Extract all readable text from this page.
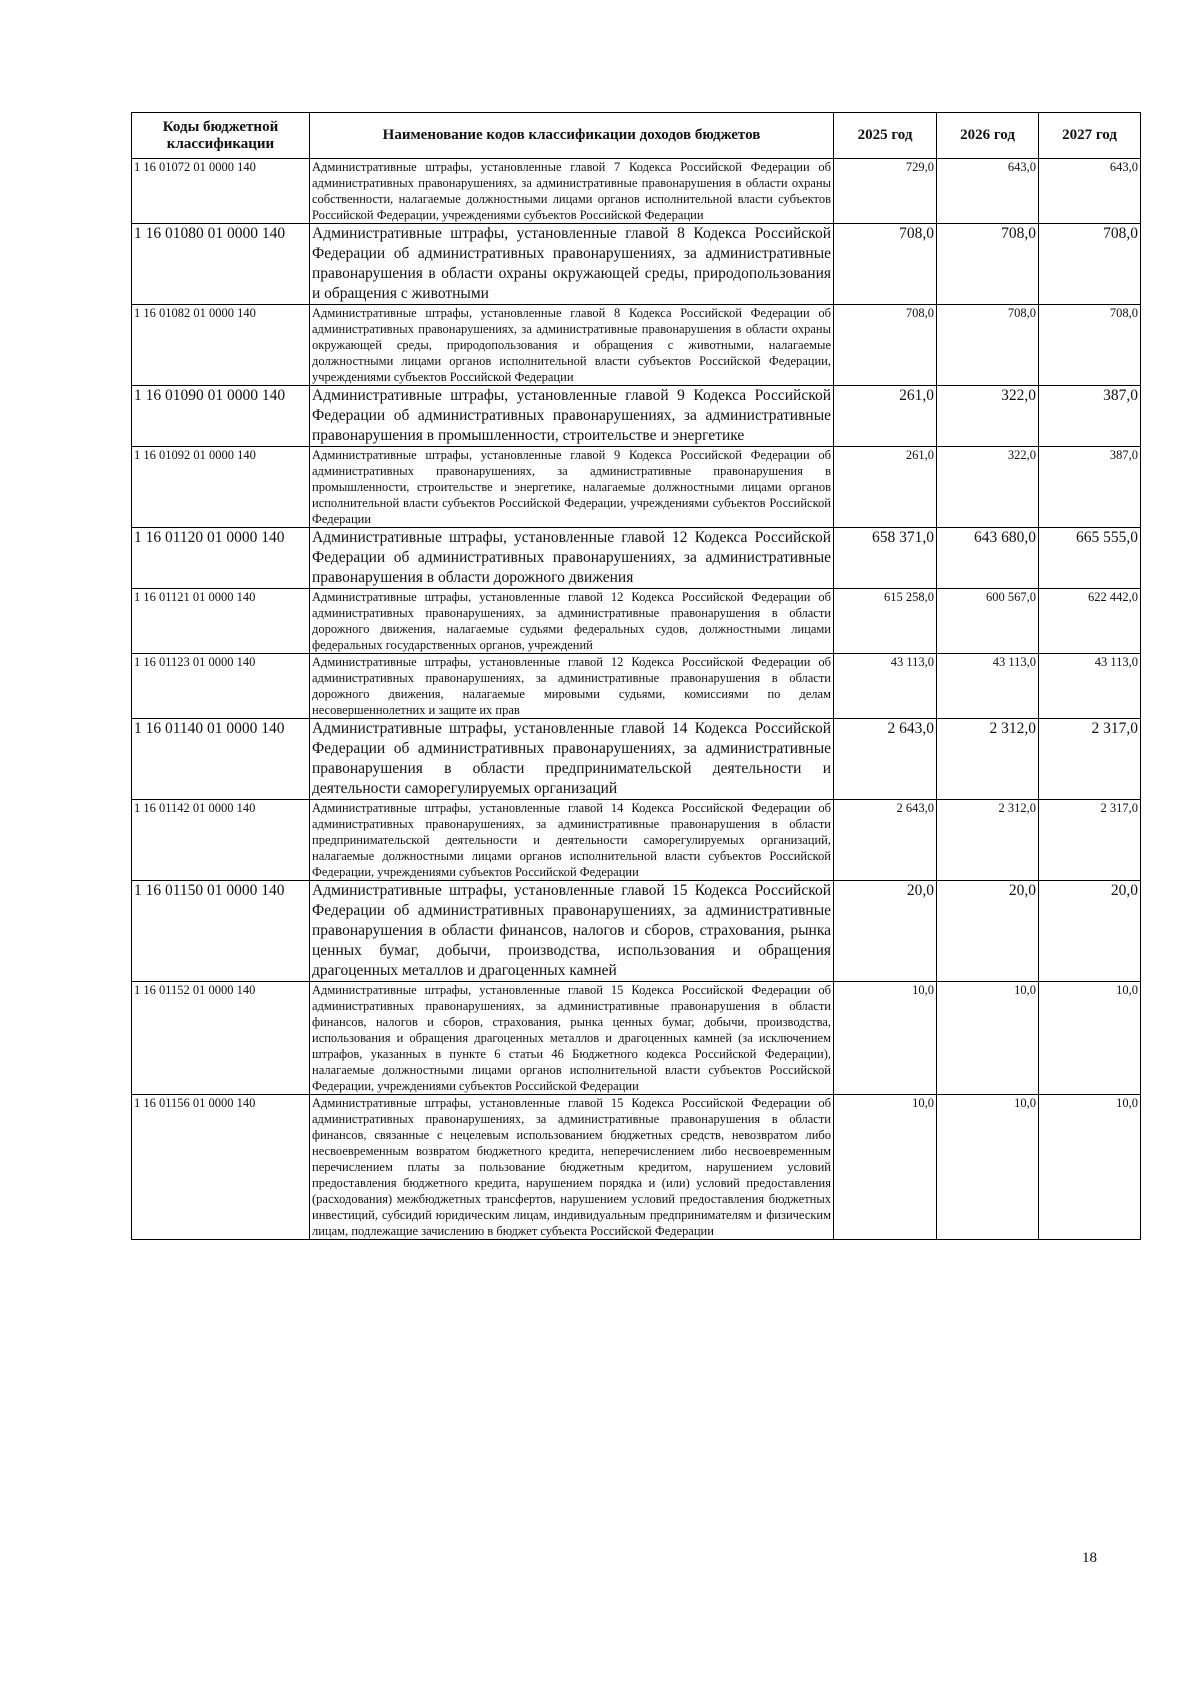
Коды бюджетной классификации	Наименование кодов классификации доходов бюджетов	2025 год	2026 год	2027 год
1 16 01072 01 0000 140	Административные штрафы, установленные главой 7 Кодекса Российской Федерации об административных правонарушениях, за административные правонарушения в области охраны собственности, налагаемые должностными лицами органов исполнительной власти субъектов Российской Федерации, учреждениями субъектов Российской Федерации	729,0	643,0	643,0
1 16 01080 01 0000 140	Административные штрафы, установленные главой 8 Кодекса Российской Федерации об административных правонарушениях, за административные правонарушения в области охраны окружающей среды, природопользования и обращения с животными	708,0	708,0	708,0
1 16 01082 01 0000 140	Административные штрафы, установленные главой 8 Кодекса Российской Федерации об административных правонарушениях, за административные правонарушения в области охраны окружающей среды, природопользования и обращения с животными, налагаемые должностными лицами органов исполнительной власти субъектов Российской Федерации, учреждениями субъектов Российской Федерации	708,0	708,0	708,0
1 16 01090 01 0000 140	Административные штрафы, установленные главой 9 Кодекса Российской Федерации об административных правонарушениях, за административные правонарушения в промышленности, строительстве и энергетике	261,0	322,0	387,0
1 16 01092 01 0000 140	Административные штрафы, установленные главой 9 Кодекса Российской Федерации об административных правонарушениях, за административные правонарушения в промышленности, строительстве и энергетике, налагаемые должностными лицами органов исполнительной власти субъектов Российской Федерации, учреждениями субъектов Российской Федерации	261,0	322,0	387,0
1 16 01120 01 0000 140	Административные штрафы, установленные главой 12 Кодекса Российской Федерации об административных правонарушениях, за административные правонарушения в области дорожного движения	658 371,0	643 680,0	665 555,0
1 16 01121 01 0000 140	Административные штрафы, установленные главой 12 Кодекса Российской Федерации об административных правонарушениях, за административные правонарушения в области дорожного движения, налагаемые судьями федеральных судов, должностными лицами федеральных государственных органов, учреждений	615 258,0	600 567,0	622 442,0
1 16 01123 01 0000 140	Административные штрафы, установленные главой 12 Кодекса Российской Федерации об административных правонарушениях, за административные правонарушения в области дорожного движения, налагаемые мировыми судьями, комиссиями по делам несовершеннолетних и защите их прав	43 113,0	43 113,0	43 113,0
1 16 01140 01 0000 140	Административные штрафы, установленные главой 14 Кодекса Российской Федерации об административных правонарушениях, за административные правонарушения в области предпринимательской деятельности и деятельности саморегулируемых организаций	2 643,0	2 312,0	2 317,0
1 16 01142 01 0000 140	Административные штрафы, установленные главой 14 Кодекса Российской Федерации об административных правонарушениях, за административные правонарушения в области предпринимательской деятельности и деятельности саморегулируемых организаций, налагаемые должностными лицами органов исполнительной власти субъектов Российской Федерации, учреждениями субъектов Российской Федерации	2 643,0	2 312,0	2 317,0
1 16 01150 01 0000 140	Административные штрафы, установленные главой 15 Кодекса Российской Федерации об административных правонарушениях, за административные правонарушения в области финансов, налогов и сборов, страхования, рынка ценных бумаг, добычи, производства, использования и обращения драгоценных металлов и драгоценных камней	20,0	20,0	20,0
1 16 01152 01 0000 140	Административные штрафы, установленные главой 15 Кодекса Российской Федерации об административных правонарушениях, за административные правонарушения в области финансов, налогов и сборов, страхования, рынка ценных бумаг, добычи, производства, использования и обращения драгоценных металлов и драгоценных камней (за исключением штрафов, указанных в пункте 6 статьи 46 Бюджетного кодекса Российской Федерации), налагаемые должностными лицами органов исполнительной власти субъектов Российской Федерации, учреждениями субъектов Российской Федерации	10,0	10,0	10,0
1 16 01156 01 0000 140	Административные штрафы, установленные главой 15 Кодекса Российской Федерации об административных правонарушениях, за административные правонарушения в области финансов, связанные с нецелевым использованием бюджетных средств, невозвратом либо несвоевременным возвратом бюджетного кредита, неперечислением либо несвоевременным перечислением платы за пользование бюджетным кредитом, нарушением условий предоставления бюджетного кредита, нарушением порядка и (или) условий предоставления (расходования) межбюджетных трансфертов, нарушением условий предоставления бюджетных инвестиций, субсидий юридическим лицам, индивидуальным предпринимателям и физическим лицам, подлежащие зачислению в бюджет субъекта Российской Федерации	10,0	10,0	10,0
18
